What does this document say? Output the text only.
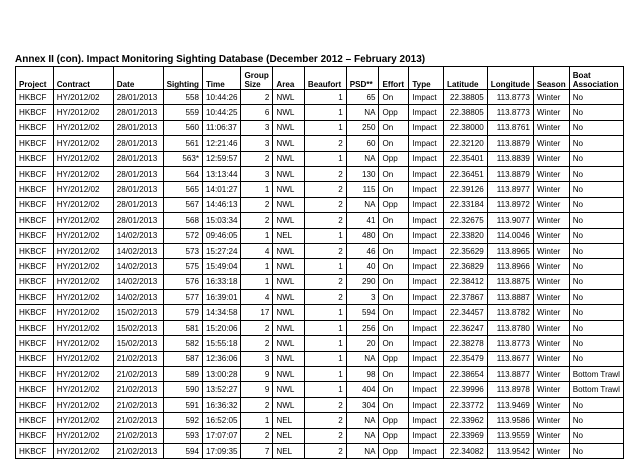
Annex II (con). Impact Monitoring Sighting Database (December 2012 – February 2013)
Project	Contract	Date	Sighting	Time	Group Size	Area	Beaufort	PSD**	Effort	Type	Latitude	Longitude	Season	Boat Association
HKBCF	HY/2012/02	28/01/2013	558	10:44:26	2	NWL	1	65	On	Impact	22.38805	113.8773	Winter	No
HKBCF	HY/2012/02	28/01/2013	559	10:44:25	6	NWL	1	NA	Opp	Impact	22.38805	113.8773	Winter	No
HKBCF	HY/2012/02	28/01/2013	560	11:06:37	3	NWL	1	250	On	Impact	22.38000	113.8761	Winter	No
HKBCF	HY/2012/02	28/01/2013	561	12:21:46	3	NWL	2	60	On	Impact	22.32120	113.8879	Winter	No
HKBCF	HY/2012/02	28/01/2013	563*	12:59:57	2	NWL	1	NA	Opp	Impact	22.35401	113.8839	Winter	No
HKBCF	HY/2012/02	28/01/2013	564	13:13:44	3	NWL	2	130	On	Impact	22.36451	113.8879	Winter	No
HKBCF	HY/2012/02	28/01/2013	565	14:01:27	1	NWL	2	115	On	Impact	22.39126	113.8977	Winter	No
HKBCF	HY/2012/02	28/01/2013	567	14:46:13	2	NWL	2	NA	Opp	Impact	22.33184	113.8972	Winter	No
HKBCF	HY/2012/02	28/01/2013	568	15:03:34	2	NWL	2	41	On	Impact	22.32675	113.9077	Winter	No
HKBCF	HY/2012/02	14/02/2013	572	09:46:05	1	NEL	1	480	On	Impact	22.33820	114.0046	Winter	No
HKBCF	HY/2012/02	14/02/2013	573	15:27:24	4	NWL	2	46	On	Impact	22.35629	113.8965	Winter	No
HKBCF	HY/2012/02	14/02/2013	575	15:49:04	1	NWL	1	40	On	Impact	22.36829	113.8966	Winter	No
HKBCF	HY/2012/02	14/02/2013	576	16:33:18	1	NWL	2	290	On	Impact	22.38412	113.8875	Winter	No
HKBCF	HY/2012/02	14/02/2013	577	16:39:01	4	NWL	2	3	On	Impact	22.37867	113.8887	Winter	No
HKBCF	HY/2012/02	15/02/2013	579	14:34:58	17	NWL	1	594	On	Impact	22.34457	113.8782	Winter	No
HKBCF	HY/2012/02	15/02/2013	581	15:20:06	2	NWL	1	256	On	Impact	22.36247	113.8780	Winter	No
HKBCF	HY/2012/02	15/02/2013	582	15:55:18	2	NWL	1	20	On	Impact	22.38278	113.8773	Winter	No
HKBCF	HY/2012/02	21/02/2013	587	12:36:06	3	NWL	1	NA	Opp	Impact	22.35479	113.8677	Winter	No
HKBCF	HY/2012/02	21/02/2013	589	13:00:28	9	NWL	1	98	On	Impact	22.38654	113.8877	Winter	Bottom Trawl
HKBCF	HY/2012/02	21/02/2013	590	13:52:27	9	NWL	1	404	On	Impact	22.39996	113.8978	Winter	Bottom Trawl
HKBCF	HY/2012/02	21/02/2013	591	16:36:32	2	NWL	2	304	On	Impact	22.33772	113.9469	Winter	No
HKBCF	HY/2012/02	21/02/2013	592	16:52:05	1	NEL	2	NA	Opp	Impact	22.33962	113.9586	Winter	No
HKBCF	HY/2012/02	21/02/2013	593	17:07:07	2	NEL	2	NA	Opp	Impact	22.33969	113.9559	Winter	No
HKBCF	HY/2012/02	21/02/2013	594	17:09:35	7	NEL	2	NA	Opp	Impact	22.34082	113.9542	Winter	No
